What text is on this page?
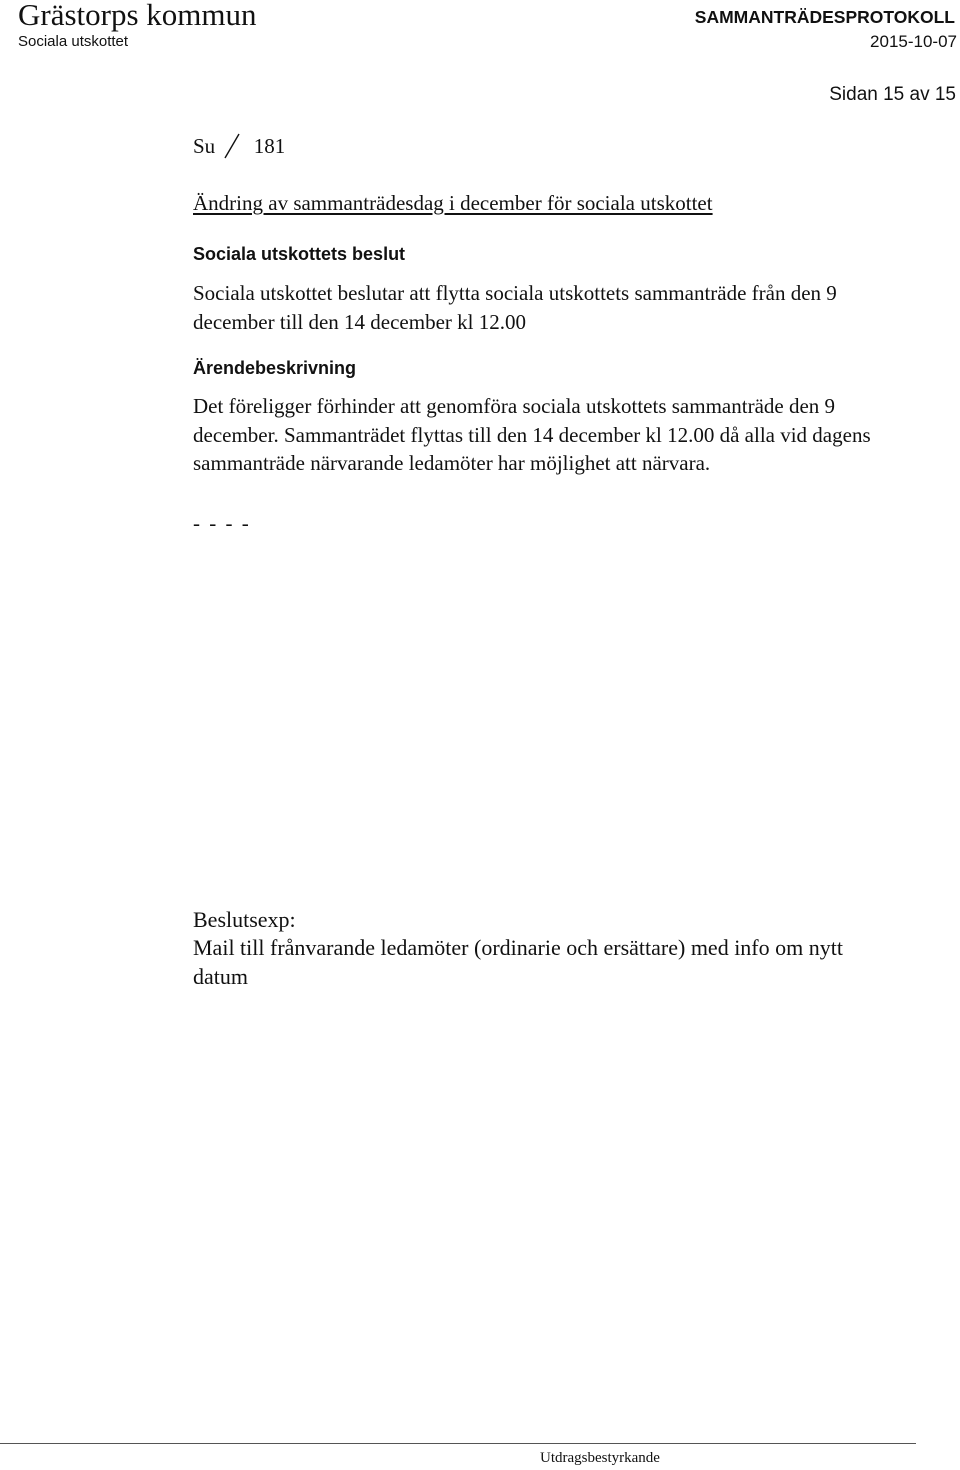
Grästorps kommun
Sociala utskottet
SAMMANTRÄDESPROTOKOLL
2015-10-07
Sidan 15 av 15
Su 181
Ändring av sammanträdesdag i december för sociala utskottet
Sociala utskottets beslut

Sociala utskottet beslutar att flytta sociala utskottets sammanträde från den 9 december till den 14 december kl 12.00

Ärendebeskrivning

Det föreligger förhinder att genomföra sociala utskottets sammanträde den 9 december. Sammanträdet flyttas till den 14 december kl 12.00 då alla vid dagens sammanträde närvarande ledamöter har möjlighet att närvara.

- - - -
Beslutsexp:

Mail till frånvarande ledamöter (ordinarie och ersättare) med info om nytt datum

Utdragsbestyrkande
